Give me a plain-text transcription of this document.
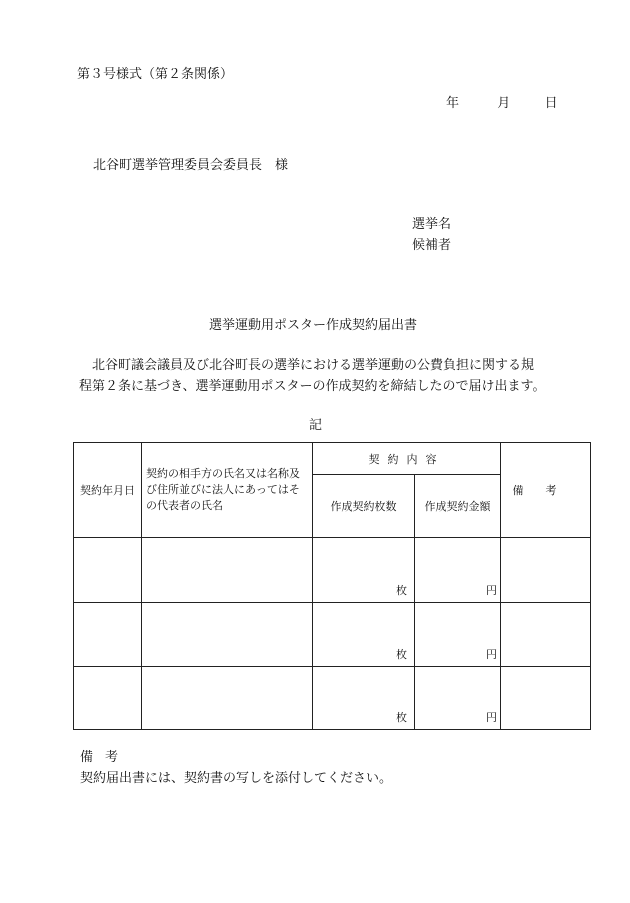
第３号様式（第２条関係）
年	月	日
北谷町選挙管理委員会委員長　様
選挙名
候補者
選挙運動用ポスター作成契約届出書

北谷町議会議員及び北谷町長の選挙における選挙運動の公費負担に関する規

程第２条に基づき、選挙運動用ポスターの作成契約を締結したので届け出ます。

記
契約年月日	契約の相手方の氏名又は名称及び住所並びに法人にあってはその代表者の氏名	契約内容		備考
		作成契約枚数	作成契約金額	
		枚	円	
		枚	円	
		枚	円	
備考
契約届出書には、契約書の写しを添付してください。
